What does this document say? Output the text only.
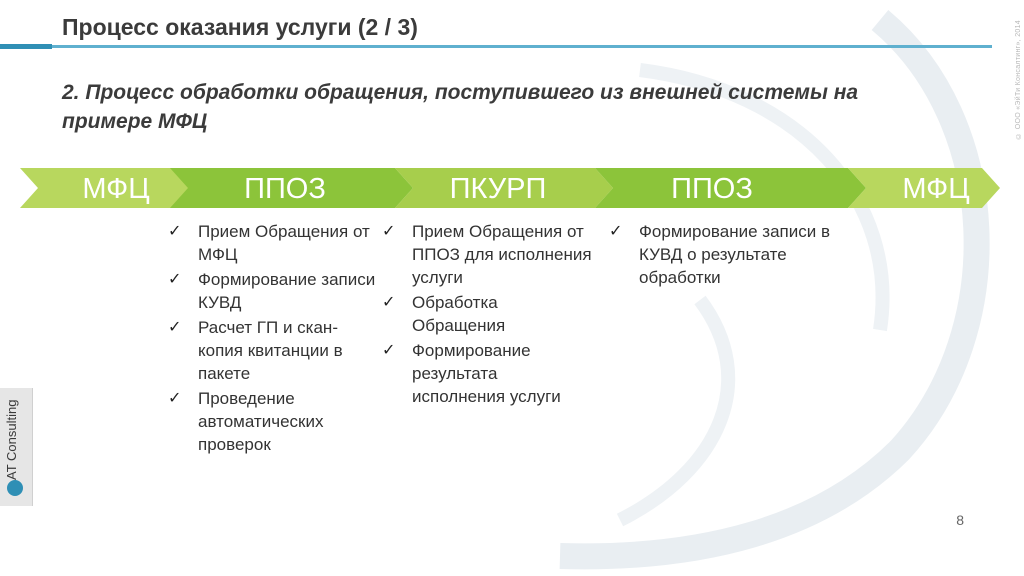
Процесс оказания услуги (2 / 3)	© ООО «ЭйТи Консалтинг», 2014
2. Процесс обработки обращения, поступившего из внешней системы на примере МФЦ
МФЦ	ППОЗ	ПКУРП	ППОЗ	МФЦ
✓ Прием Обращения от МФЦ
✓ Формирование записи КУВД
✓ Расчет ГП и скан-копия квитанции в пакете
✓ Проведение автоматических проверок
✓ Прием Обращения от ППОЗ для исполнения услуги
✓ Обработка Обращения
✓ Формирование результата исполнения услуги
✓ Формирование записи в КУВД о результате обработки
AT Consulting
8
